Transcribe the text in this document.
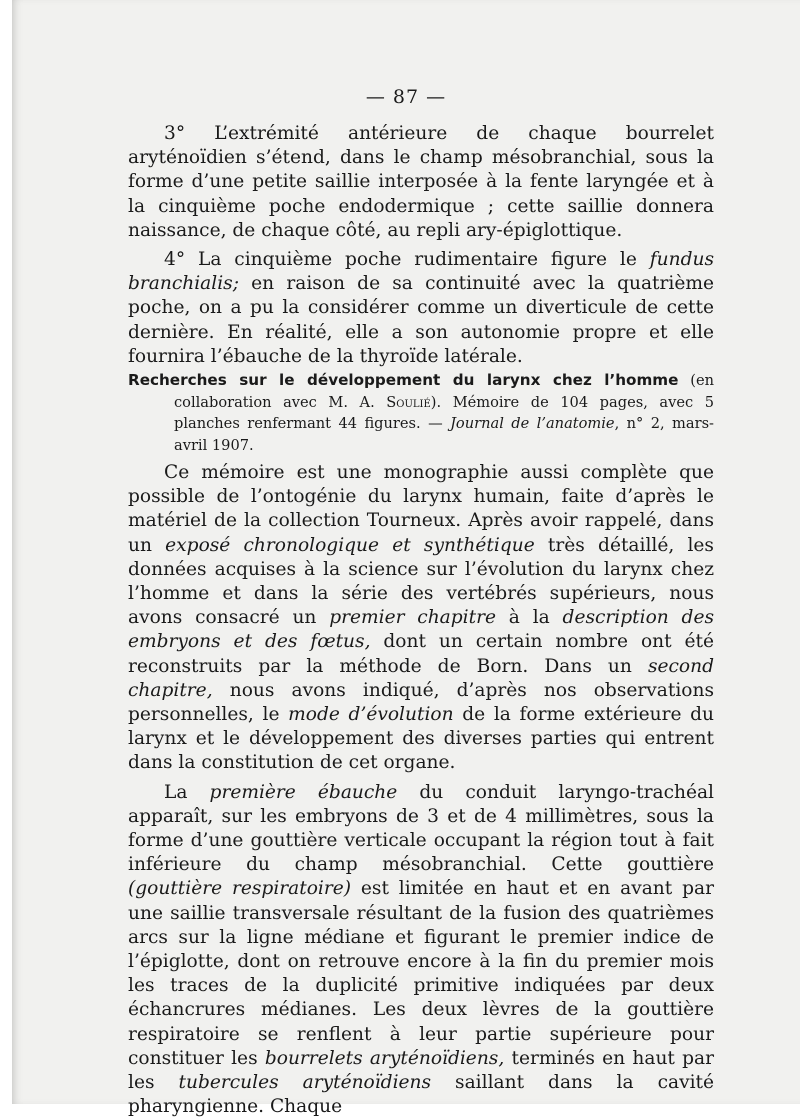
— 87 —

3° L’extrémité antérieure de chaque bourrelet aryténoïdien s’étend, dans le champ mésobranchial, sous la forme d’une petite saillie interposée à la fente laryngée et à la cinquième poche endodermique ; cette saillie donnera naissance, de chaque côté, au repli ary-épiglottique.

4° La cinquième poche rudimentaire figure le fundus branchialis; en raison de sa continuité avec la quatrième poche, on a pu la considérer comme un diverticule de cette dernière. En réalité, elle a son autonomie propre et elle fournira l’ébauche de la thyroïde latérale.

Recherches sur le développement du larynx chez l’homme (en collaboration avec M. A. Soulié). Mémoire de 104 pages, avec 5 planches renfermant 44 figures. — Journal de l’anatomie, n° 2, mars-avril 1907.

Ce mémoire est une monographie aussi complète que possible de l’ontogénie du larynx humain, faite d’après le matériel de la collection Tourneux. Après avoir rappelé, dans un exposé chronologique et synthétique très détaillé, les données acquises à la science sur l’évolution du larynx chez l’homme et dans la série des vertébrés supérieurs, nous avons consacré un premier chapitre à la description des embryons et des fœtus, dont un certain nombre ont été reconstruits par la méthode de Born. Dans un second chapitre, nous avons indiqué, d’après nos observations personnelles, le mode d’évolution de la forme extérieure du larynx et le développement des diverses parties qui entrent dans la constitution de cet organe.

La première ébauche du conduit laryngo-trachéal apparaît, sur les embryons de 3 et de 4 millimètres, sous la forme d’une gouttière verticale occupant la région tout à fait inférieure du champ mésobranchial. Cette gouttière (gouttière respiratoire) est limitée en haut et en avant par une saillie transversale résultant de la fusion des quatrièmes arcs sur la ligne médiane et figurant le premier indice de l’épiglotte, dont on retrouve encore à la fin du premier mois les traces de la duplicité primitive indiquées par deux échancrures médianes. Les deux lèvres de la gouttière respiratoire se renflent à leur partie supérieure pour constituer les bourrelets aryténoïdiens, terminés en haut par les tubercules aryténoïdiens saillant dans la cavité pharyngienne. Chaque
